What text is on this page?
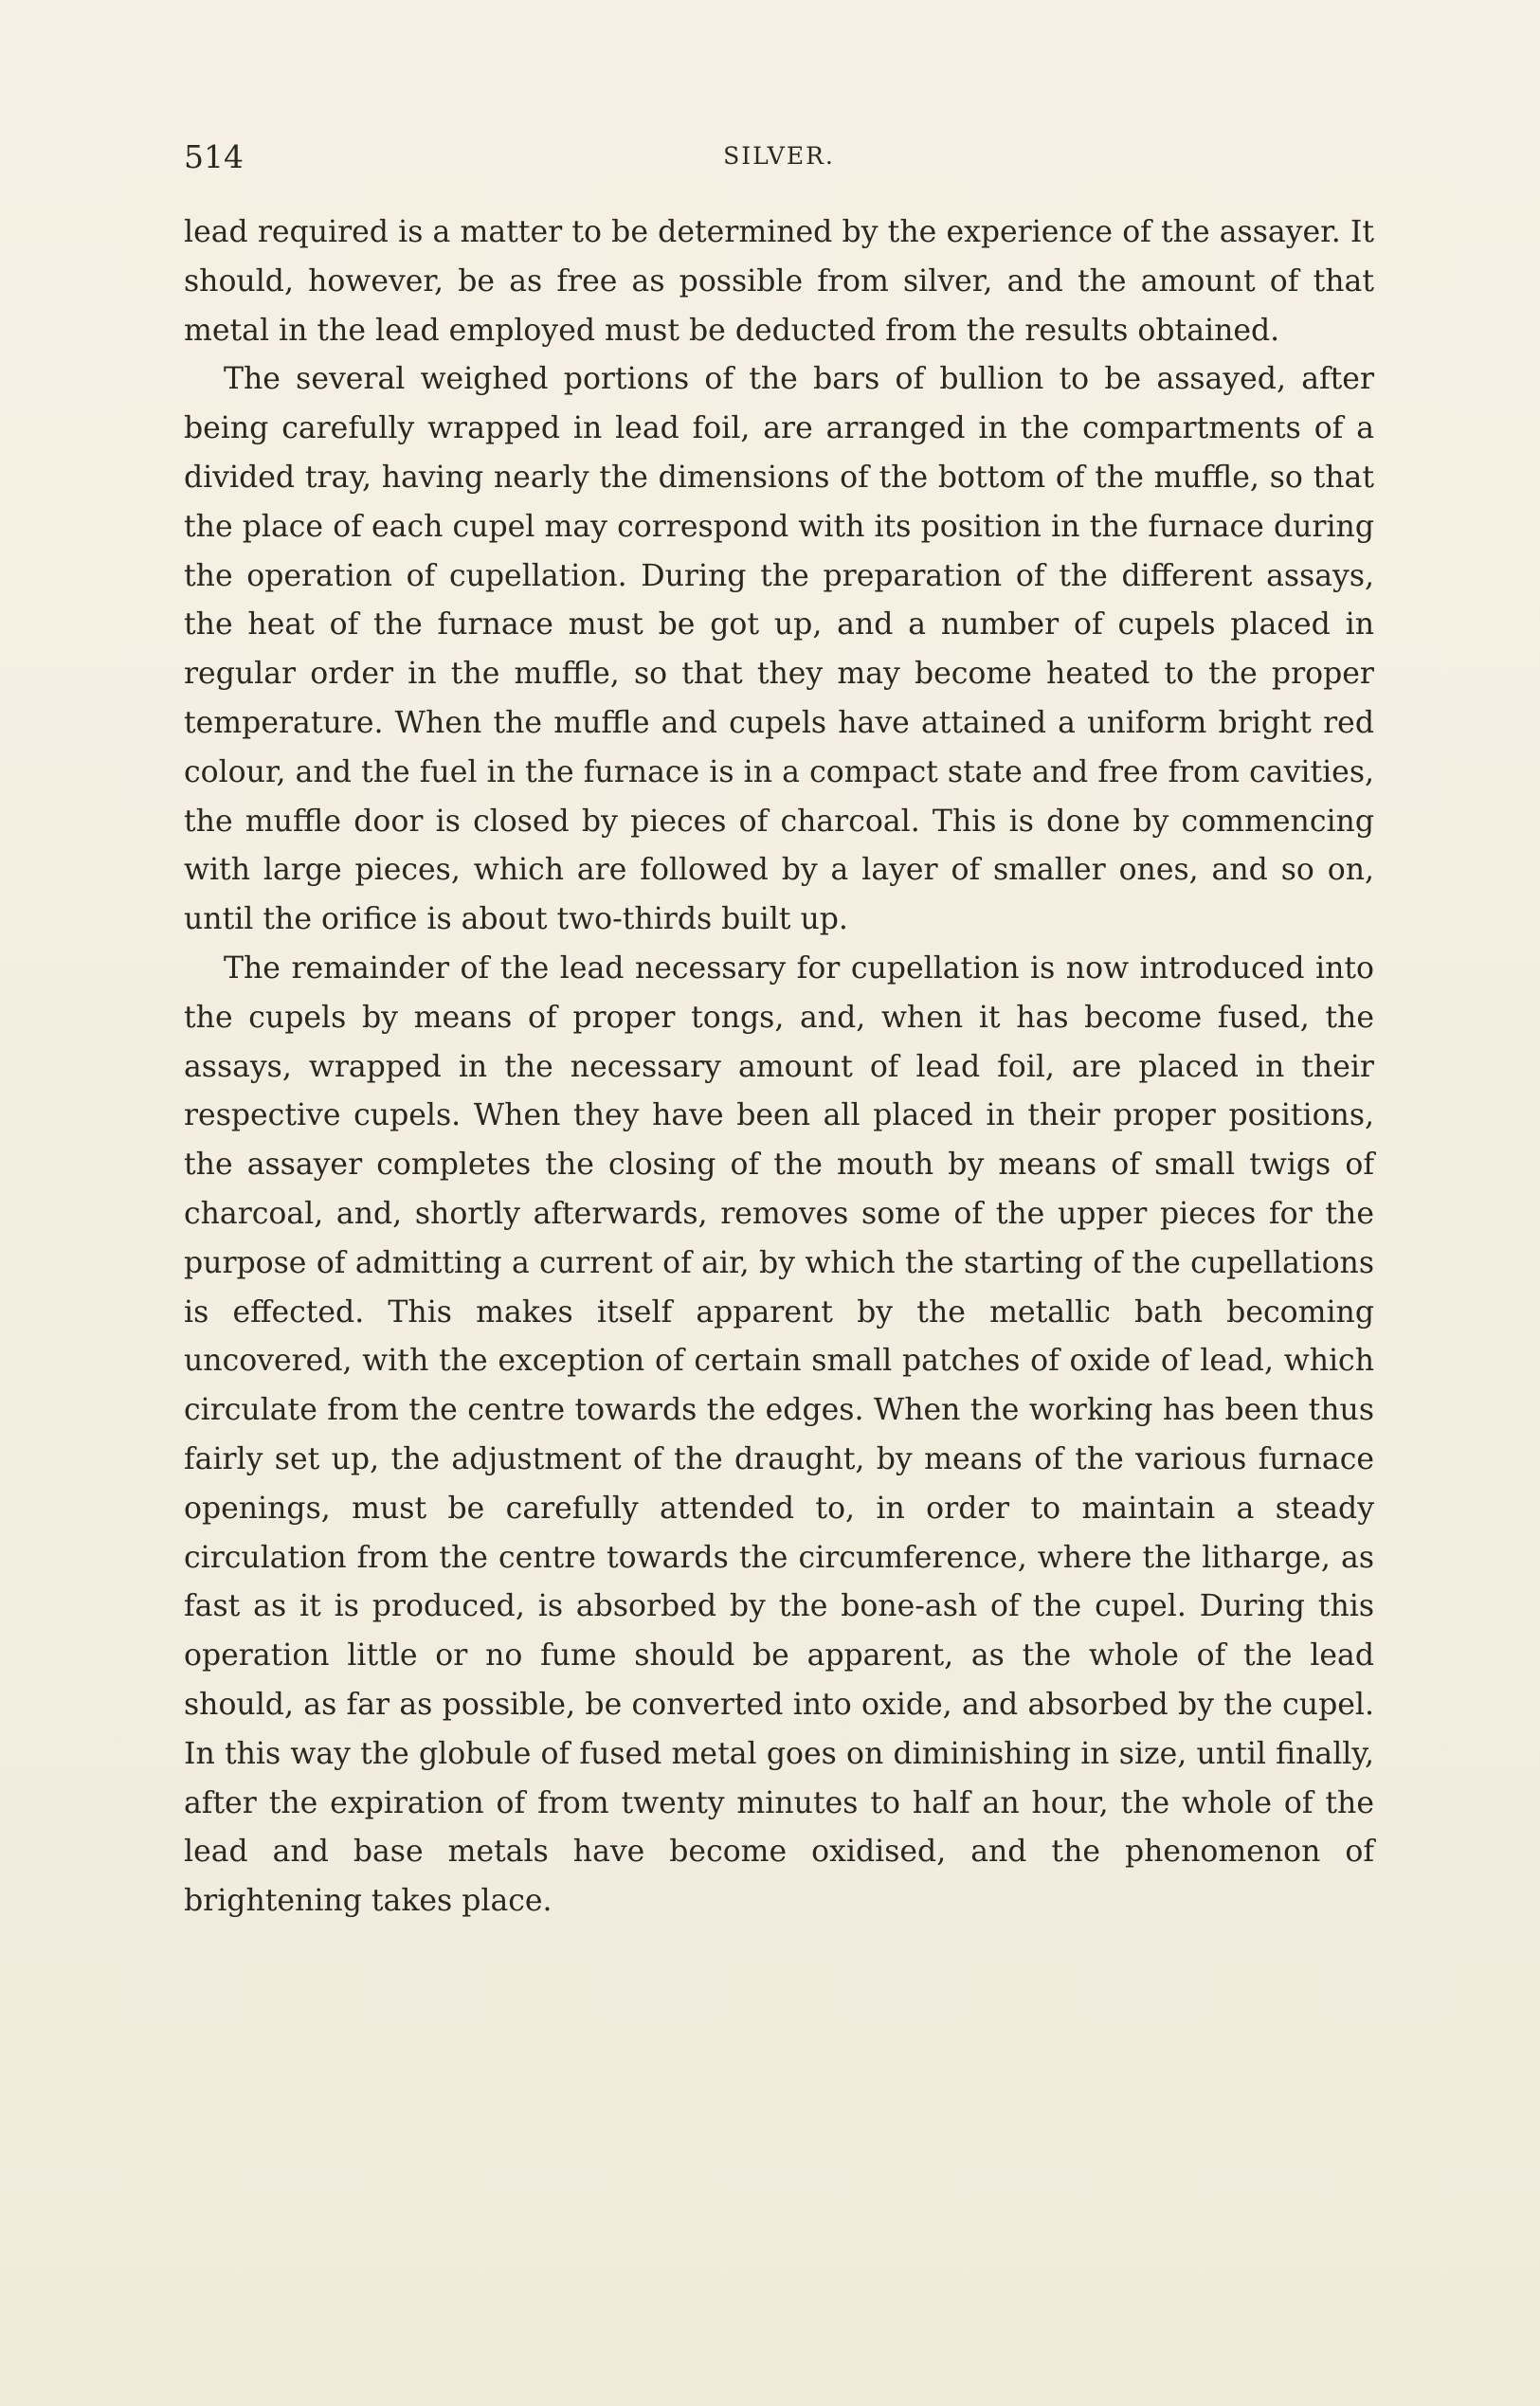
514	SILVER.

lead required is a matter to be determined by the experience of the assayer. It should, however, be as free as possible from silver, and the amount of that metal in the lead employed must be deducted from the results obtained.

The several weighed portions of the bars of bullion to be assayed, after being carefully wrapped in lead foil, are arranged in the compartments of a divided tray, having nearly the dimensions of the bottom of the muffle, so that the place of each cupel may correspond with its position in the furnace during the operation of cupellation. During the preparation of the different assays, the heat of the furnace must be got up, and a number of cupels placed in regular order in the muffle, so that they may become heated to the proper temperature. When the muffle and cupels have attained a uniform bright red colour, and the fuel in the furnace is in a compact state and free from cavities, the muffle door is closed by pieces of charcoal. This is done by commencing with large pieces, which are followed by a layer of smaller ones, and so on, until the orifice is about two-thirds built up.

The remainder of the lead necessary for cupellation is now introduced into the cupels by means of proper tongs, and, when it has become fused, the assays, wrapped in the necessary amount of lead foil, are placed in their respective cupels. When they have been all placed in their proper positions, the assayer completes the closing of the mouth by means of small twigs of charcoal, and, shortly afterwards, removes some of the upper pieces for the purpose of admitting a current of air, by which the starting of the cupellations is effected. This makes itself apparent by the metallic bath becoming uncovered, with the exception of certain small patches of oxide of lead, which circulate from the centre towards the edges. When the working has been thus fairly set up, the adjustment of the draught, by means of the various furnace openings, must be carefully attended to, in order to maintain a steady circulation from the centre towards the circumference, where the litharge, as fast as it is produced, is absorbed by the bone-ash of the cupel. During this operation little or no fume should be apparent, as the whole of the lead should, as far as possible, be converted into oxide, and absorbed by the cupel. In this way the globule of fused metal goes on diminishing in size, until finally, after the expiration of from twenty minutes to half an hour, the whole of the lead and base metals have become oxidised, and the phenomenon of brightening takes place.
